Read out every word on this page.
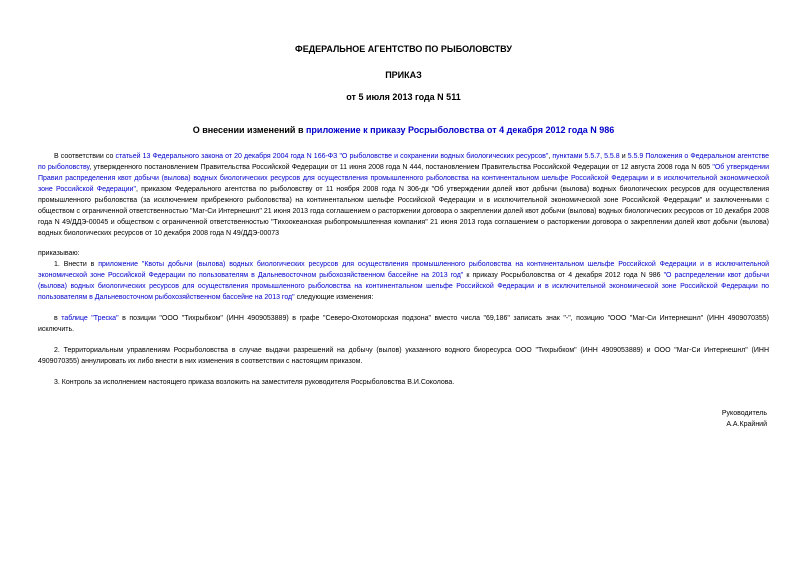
ФЕДЕРАЛЬНОЕ АГЕНТСТВО ПО РЫБОЛОВСТВУ
ПРИКАЗ
от 5 июля 2013 года N 511
О внесении изменений в приложение к приказу Росрыболовства от 4 декабря 2012 года N 986

В соответствии со статьей 13 Федерального закона от 20 декабря 2004 года N 166-ФЗ "О рыболовстве и сохранении водных биологических ресурсов", пунктами 5.5.7, 5.5.8 и 5.5.9 Положения о Федеральном агентстве по рыболовству, утвержденного постановлением Правительства Российской Федерации от 11 июня 2008 года N 444, постановлением Правительства Российской Федерации от 12 августа 2008 года N 605 "Об утверждении Правил распределения квот добычи (вылова) водных биологических ресурсов для осуществления промышленного рыболовства на континентальном шельфе Российской Федерации и в исключительной экономической зоне Российской Федерации", приказом Федерального агентства по рыболовству от 11 ноября 2008 года N 306-дк "Об утверждении долей квот добычи (вылова) водных биологических ресурсов для осуществления промышленного рыболовства (за исключением прибрежного рыболовства) на континентальном шельфе Российской Федерации и в исключительной экономической зоне Российской Федерации" и заключенными с обществом с ограниченной ответственностью "Маг-Си Интернешнл" 21 июня 2013 года соглашением о расторжении договора о закреплении долей квот добычи (вылова) водных биологических ресурсов от 10 декабря 2008 года N 49/ДДЭ-00045 и обществом с ограниченной ответственностью "Тихоокеанская рыбопромышленная компания" 21 июня 2013 года соглашением о расторжении договора о закреплении долей квот добычи (вылова) водных биологических ресурсов от 10 декабря 2008 года N 49/ДДЭ-00073

приказываю:

1. Внести в приложение "Квоты добычи (вылова) водных биологических ресурсов для осуществления промышленного рыболовства на континентальном шельфе Российской Федерации и в исключительной экономической зоне Российской Федерации по пользователям в Дальневосточном рыбохозяйственном бассейне на 2013 год" к приказу Росрыболовства от 4 декабря 2012 года N 986 "О распределении квот добычи (вылова) водных биологических ресурсов для осуществления промышленного рыболовства на континентальном шельфе Российской Федерации и в исключительной экономической зоне Российской Федерации по пользователям в Дальневосточном рыбохозяйственном бассейне на 2013 год" следующие изменения:

в таблице "Треска" в позиции "ООО "Тихрыбком" (ИНН 4909053889) в графе "Северо-Охотоморская подзона" вместо числа "69,186" записать знак "-", позицию "ООО "Маг-Си Интернешнл" (ИНН 4909070355) исключить.

2. Территориальным управлениям Росрыболовства в случае выдачи разрешений на добычу (вылов) указанного водного биоресурса ООО "Тихрыбком" (ИНН 4909053889) и ООО "Маг-Си Интернешнл" (ИНН 4909070355) аннулировать их либо внести в них изменения в соответствии с настоящим приказом.

3. Контроль за исполнением настоящего приказа возложить на заместителя руководителя Росрыболовства В.И.Соколова.

Руководитель
А.А.Крайний
